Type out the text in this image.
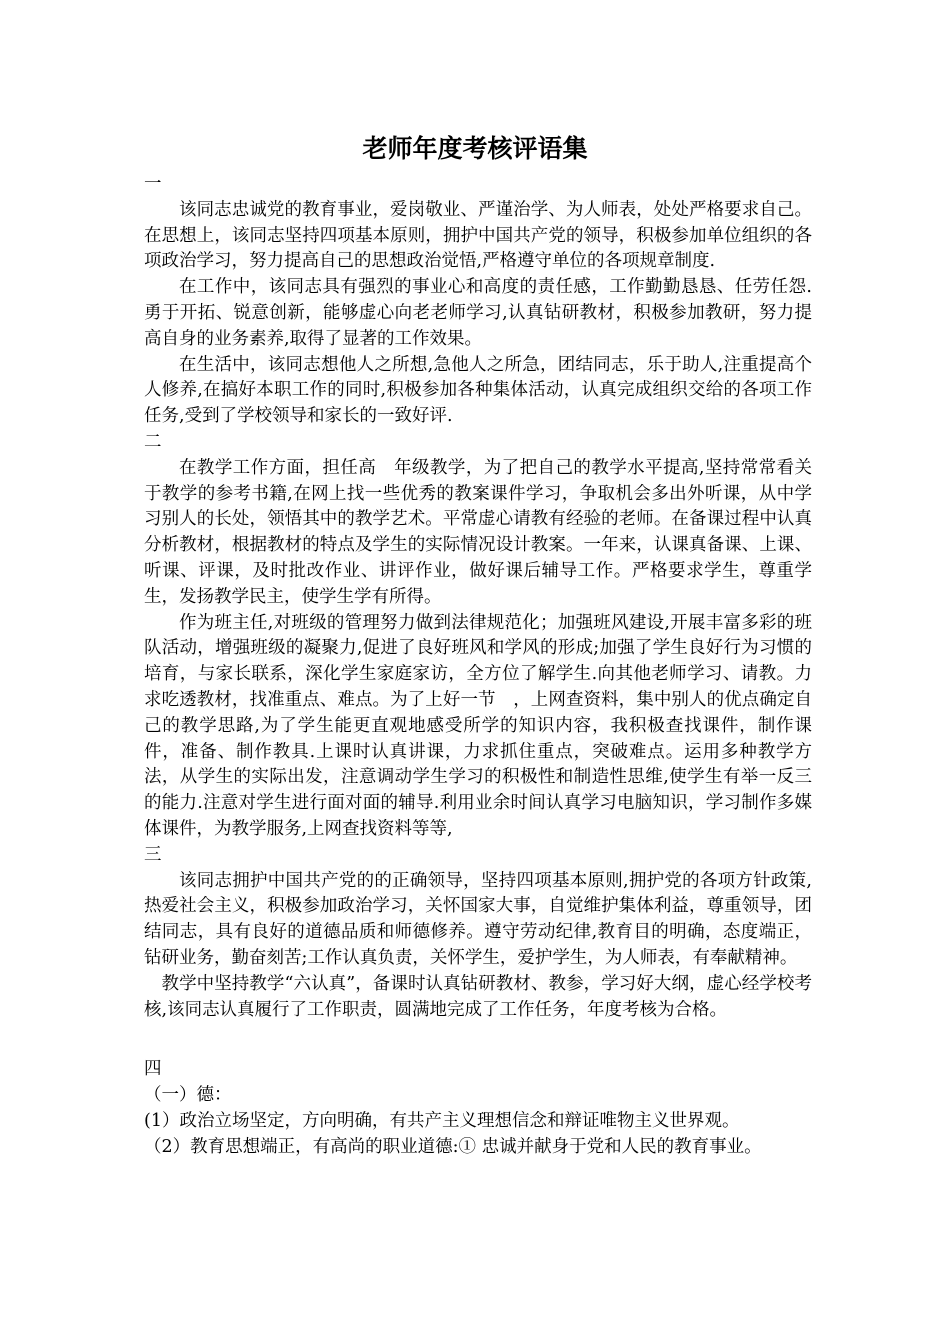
老师年度考核评语集

一

该同志忠诚党的教育事业，爱岗敬业、严谨治学、为人师表，处处严格要求自己。在思想上，该同志坚持四项基本原则，拥护中国共产党的领导，积极参加单位组织的各项政治学习，努力提高自己的思想政治觉悟,严格遵守单位的各项规章制度.

在工作中，该同志具有强烈的事业心和高度的责任感，工作勤勤恳恳、任劳任怨.勇于开拓、锐意创新，能够虚心向老老师学习,认真钻研教材，积极参加教研，努力提高自身的业务素养,取得了显著的工作效果。

在生活中，该同志想他人之所想,急他人之所急，团结同志，乐于助人,注重提高个人修养,在搞好本职工作的同时,积极参加各种集体活动，认真完成组织交给的各项工作任务,受到了学校领导和家长的一致好评.

二

在教学工作方面，担任高　年级教学，为了把自己的教学水平提高,坚持常常看关于教学的参考书籍,在网上找一些优秀的教案课件学习，争取机会多出外听课，从中学习别人的长处，领悟其中的教学艺术。平常虚心请教有经验的老师。在备课过程中认真分析教材，根据教材的特点及学生的实际情况设计教案。一年来，认课真备课、上课、听课、评课，及时批改作业、讲评作业，做好课后辅导工作。严格要求学生，尊重学生，发扬教学民主，使学生学有所得。

作为班主任,对班级的管理努力做到法律规范化；加强班风建设,开展丰富多彩的班队活动，增强班级的凝聚力,促进了良好班风和学风的形成;加强了学生良好行为习惯的培育，与家长联系，深化学生家庭家访，全方位了解学生.向其他老师学习、请教。力求吃透教材，找准重点、难点。为了上好一节　，上网查资料，集中别人的优点确定自己的教学思路,为了学生能更直观地感受所学的知识内容，我积极查找课件，制作课件，准备、制作教具.上课时认真讲课，力求抓住重点，突破难点。运用多种教学方法，从学生的实际出发，注意调动学生学习的积极性和制造性思维,使学生有举一反三的能力.注意对学生进行面对面的辅导.利用业余时间认真学习电脑知识，学习制作多媒体课件，为教学服务,上网查找资料等等,

三

该同志拥护中国共产党的的正确领导，坚持四项基本原则,拥护党的各项方针政策,热爱社会主义，积极参加政治学习，关怀国家大事，自觉维护集体利益，尊重领导，团结同志，具有良好的道德品质和师德修养。遵守劳动纪律,教育目的明确，态度端正，钻研业务，勤奋刻苦;工作认真负责，关怀学生，爱护学生，为人师表，有奉献精神。

教学中坚持教学“六认真”，备课时认真钻研教材、教参，学习好大纲，虚心经学校考核,该同志认真履行了工作职责，圆满地完成了工作任务，年度考核为合格。

四

（一）德：

(1）政治立场坚定，方向明确，有共产主义理想信念和辩证唯物主义世界观。

（2）教育思想端正，有高尚的职业道德:① 忠诚并献身于党和人民的教育事业。
